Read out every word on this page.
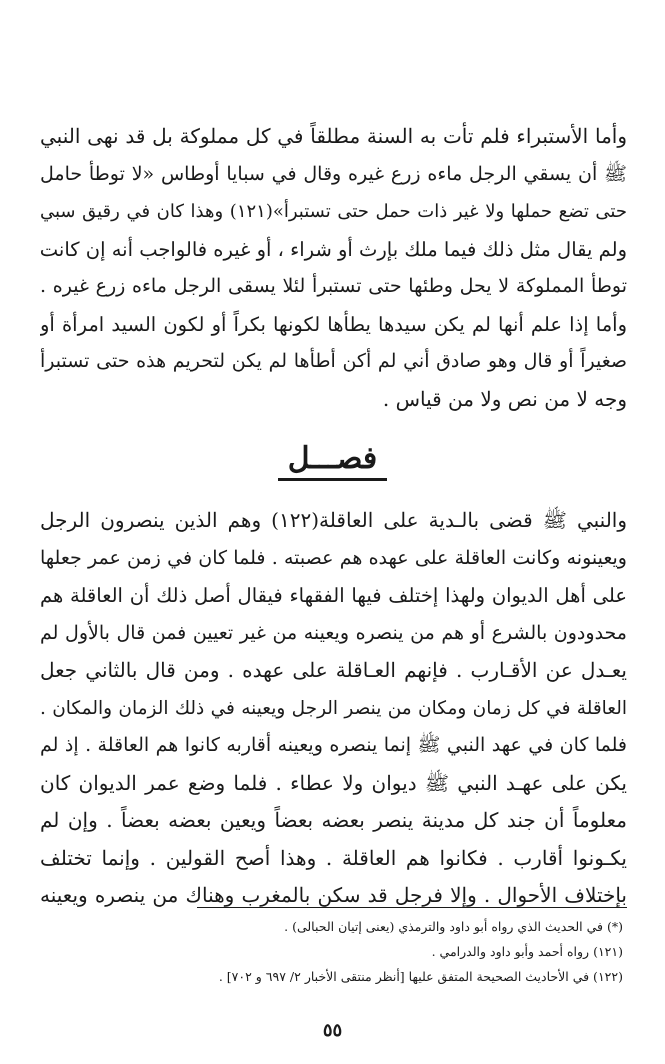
وأما الأستبراء فلم تأت به السنة مطلقاً في كل مملوكة بل قد نهى النبي
ﷺ أن يسقي الرجل ماءه زرع غيره وقال في سبايا أوطاس «لا توطأ حامل
حتى تضع حملها ولا غير ذات حمل حتى تستبرأ»(١٢١) وهذا كان في رقيق سبي
ولم يقال مثل ذلك فيما ملك بإرث أو شراء ، أو غيره فالواجب أنه إن كانت
توطأ المملوكة لا يحل وطئها حتى تستبرأ لئلا يسقى الرجل ماءه زرع غيره .
وأما إذا علم أنها لم يكن سيدها يطأها لكونها بكراً أو لكون السيد امرأة أو
صغيراً أو قال وهو صادق أني لم أكن أطأها لم يكن لتحريم هذه حتى تستبرأ
وجه لا من نص ولا من قياس .
فصـــل
والنبي ﷺ قضى بالـدية على العاقلة(١٢٢) وهم الذين ينصرون الرجل
ويعينونه وكانت العاقلة على عهده هم عصبته . فلما كان في زمن عمر جعلها
على أهل الديوان ولهذا إختلف فيها الفقهاء فيقال أصل ذلك أن العاقلة هم
محدودون بالشرع أو هم من ينصره ويعينه من غير تعيين فمن قال بالأول لم
يعـدل عن الأقـارب . فإنهم العـاقلة على عهده . ومن قال بالثاني جعل
العاقلة في كل زمان ومكان من ينصر الرجل ويعينه في ذلك الزمان والمكان .
فلما كان في عهد النبي ﷺ إنما ينصره ويعينه أقاربه كانوا هم العاقلة . إذ لم
يكن على عهـد النبي ﷺ ديوان ولا عطاء . فلما وضع عمر الديوان كان
معلوماً أن جند كل مدينة ينصر بعضه بعضاً ويعين بعضه بعضاً . وإن لم
يكـونوا أقارب . فكانوا هم العاقلة . وهذا أصح القولين . وإنما تختلف
بإختلاف الأحوال . وإلا فرجل قد سكن بالمغرب وهناك من ينصره ويعينه
(*) في الحديث الذي رواه أبو داود والترمذي (يعنى إتيان الحبالى) .
(١٢١) رواه أحمد وأبو داود والدرامي .
(١٢٢) في الأحاديث الصحيحة المتفق عليها [أنظر منتقى الأخبار ٢/ ٦٩٧ و ٧٠٢] .
٥٥
